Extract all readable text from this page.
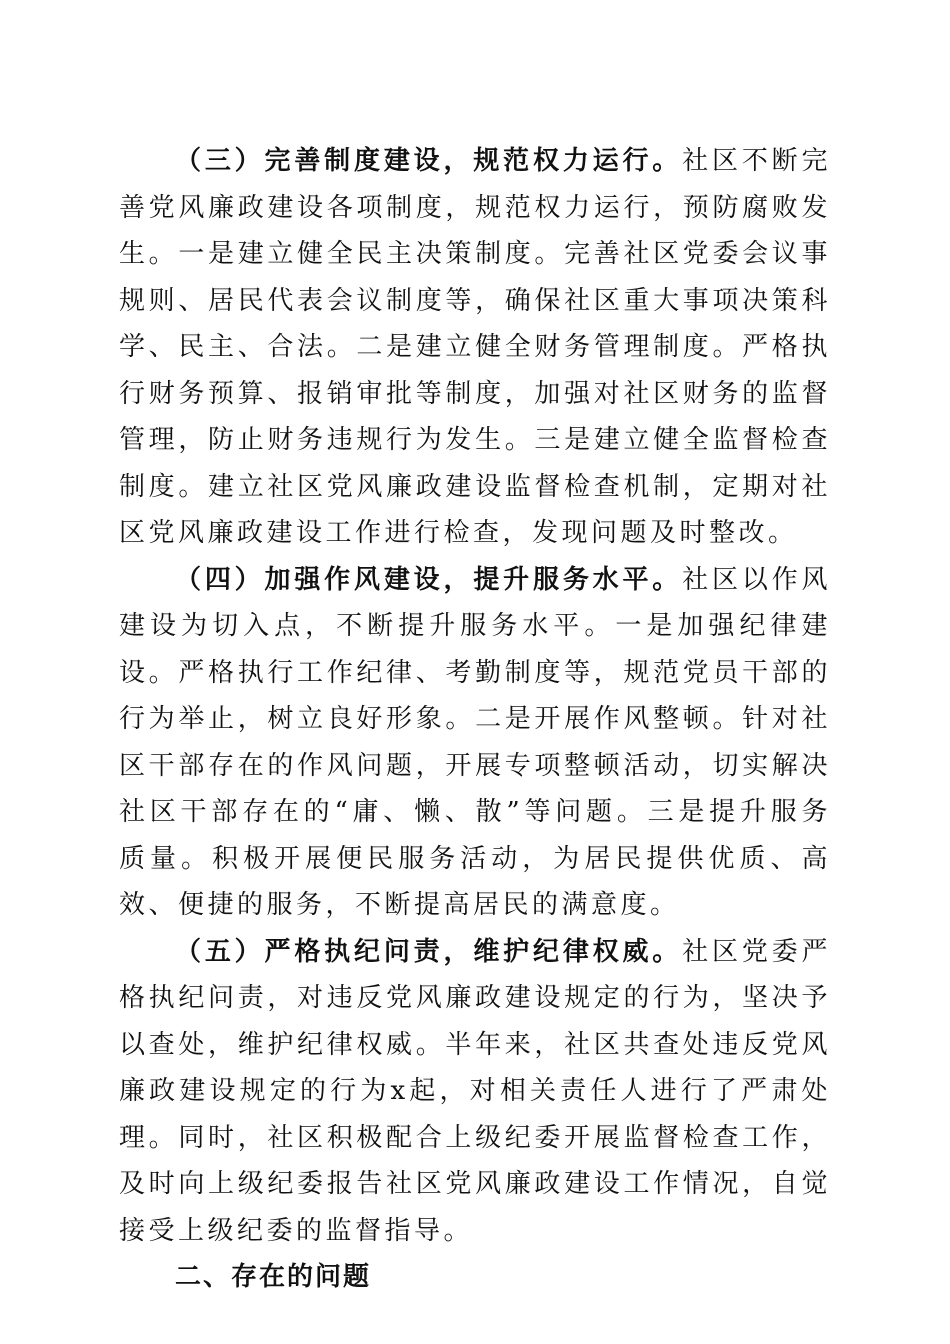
（三）完善制度建设，规范权力运行。社区不断完善党风廉政建设各项制度，规范权力运行，预防腐败发生。一是建立健全民主决策制度。完善社区党委会议事规则、居民代表会议制度等，确保社区重大事项决策科学、民主、合法。二是建立健全财务管理制度。严格执行财务预算、报销审批等制度，加强对社区财务的监督管理，防止财务违规行为发生。三是建立健全监督检查制度。建立社区党风廉政建设监督检查机制，定期对社区党风廉政建设工作进行检查，发现问题及时整改。

（四）加强作风建设，提升服务水平。社区以作风建设为切入点，不断提升服务水平。一是加强纪律建设。严格执行工作纪律、考勤制度等，规范党员干部的行为举止，树立良好形象。二是开展作风整顿。针对社区干部存在的作风问题，开展专项整顿活动，切实解决社区干部存在的“庸、懒、散”等问题。三是提升服务质量。积极开展便民服务活动，为居民提供优质、高效、便捷的服务，不断提高居民的满意度。

（五）严格执纪问责，维护纪律权威。社区党委严格执纪问责，对违反党风廉政建设规定的行为，坚决予以查处，维护纪律权威。半年来，社区共查处违反党风廉政建设规定的行为x起，对相关责任人进行了严肃处理。同时，社区积极配合上级纪委开展监督检查工作，及时向上级纪委报告社区党风廉政建设工作情况，自觉接受上级纪委的监督指导。

二、存在的问题
